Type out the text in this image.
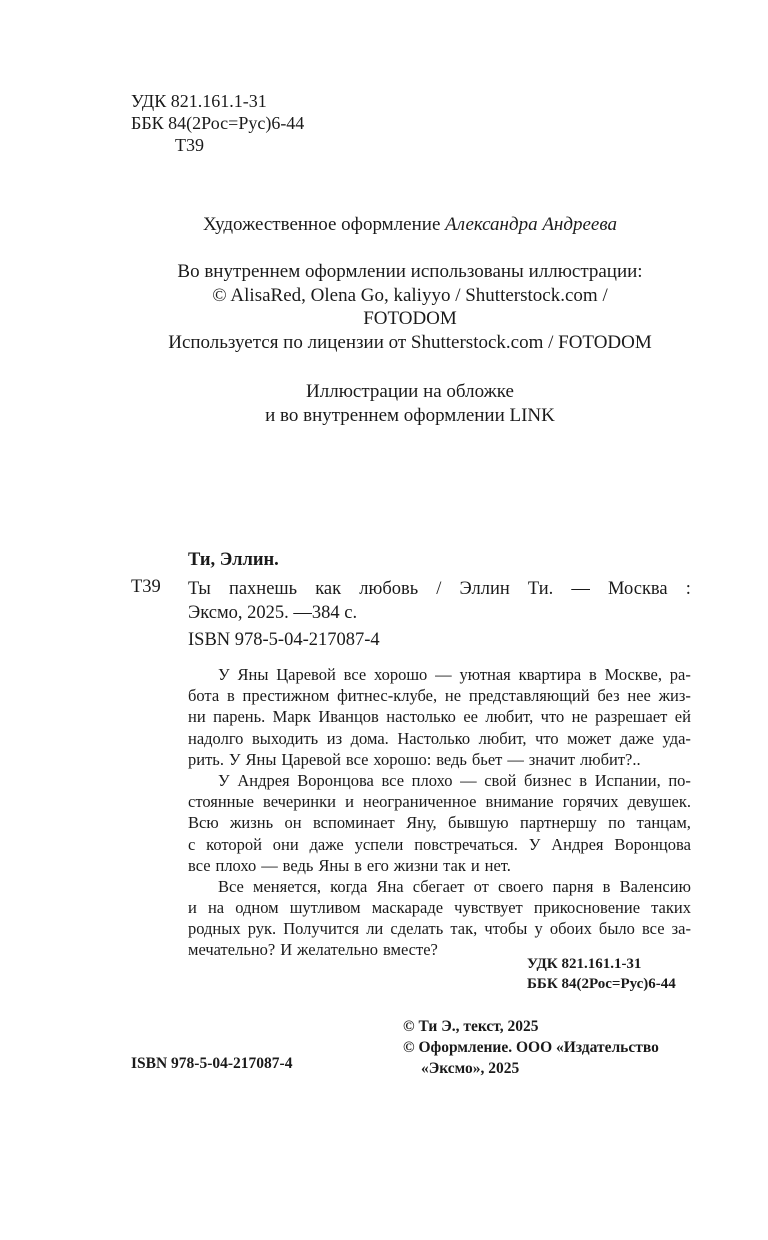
УДК 821.161.1-31
ББК 84(2Рос=Рус)6-44
Т39
Художественное оформление Александра Андреева
Во внутреннем оформлении использованы иллюстрации:
© AlisaRed, Olena Go, kaliyyo / Shutterstock.com /
FOTODOM
Используется по лицензии от Shutterstock.com / FOTODOM
Иллюстрации на обложке
и во внутреннем оформлении LINK
Ти, Эллин.
Т39 Ты пахнешь как любовь / Эллин Ти. — Москва :
Эксмо, 2025. —384 с.
ISBN 978-5-04-217087-4
У Яны Царевой все хорошо — уютная квартира в Москве, ра-
бота в престижном фитнес-клубе, не представляющий без нее жиз-
ни парень. Марк Иванцов настолько ее любит, что не разрешает ей
надолго выходить из дома. Настолько любит, что может даже уда-
рить. У Яны Царевой все хорошо: ведь бьет — значит любит?..
У Андрея Воронцова все плохо — свой бизнес в Испании, по-
стоянные вечеринки и неограниченное внимание горячих девушек.
Всю жизнь он вспоминает Яну, бывшую партнершу по танцам,
с которой они даже успели повстречаться. У Андрея Воронцова
все плохо — ведь Яны в его жизни так и нет.
Все меняется, когда Яна сбегает от своего парня в Валенсию
и на одном шутливом маскараде чувствует прикосновение таких
родных рук. Получится ли сделать так, чтобы у обоих было все за-
мечательно? И желательно вместе?
УДК 821.161.1-31
ББК 84(2Рос=Рус)6-44
© Ти Э., текст, 2025
© Оформление. ООО «Издательство
«Эксмо», 2025
ISBN 978-5-04-217087-4
